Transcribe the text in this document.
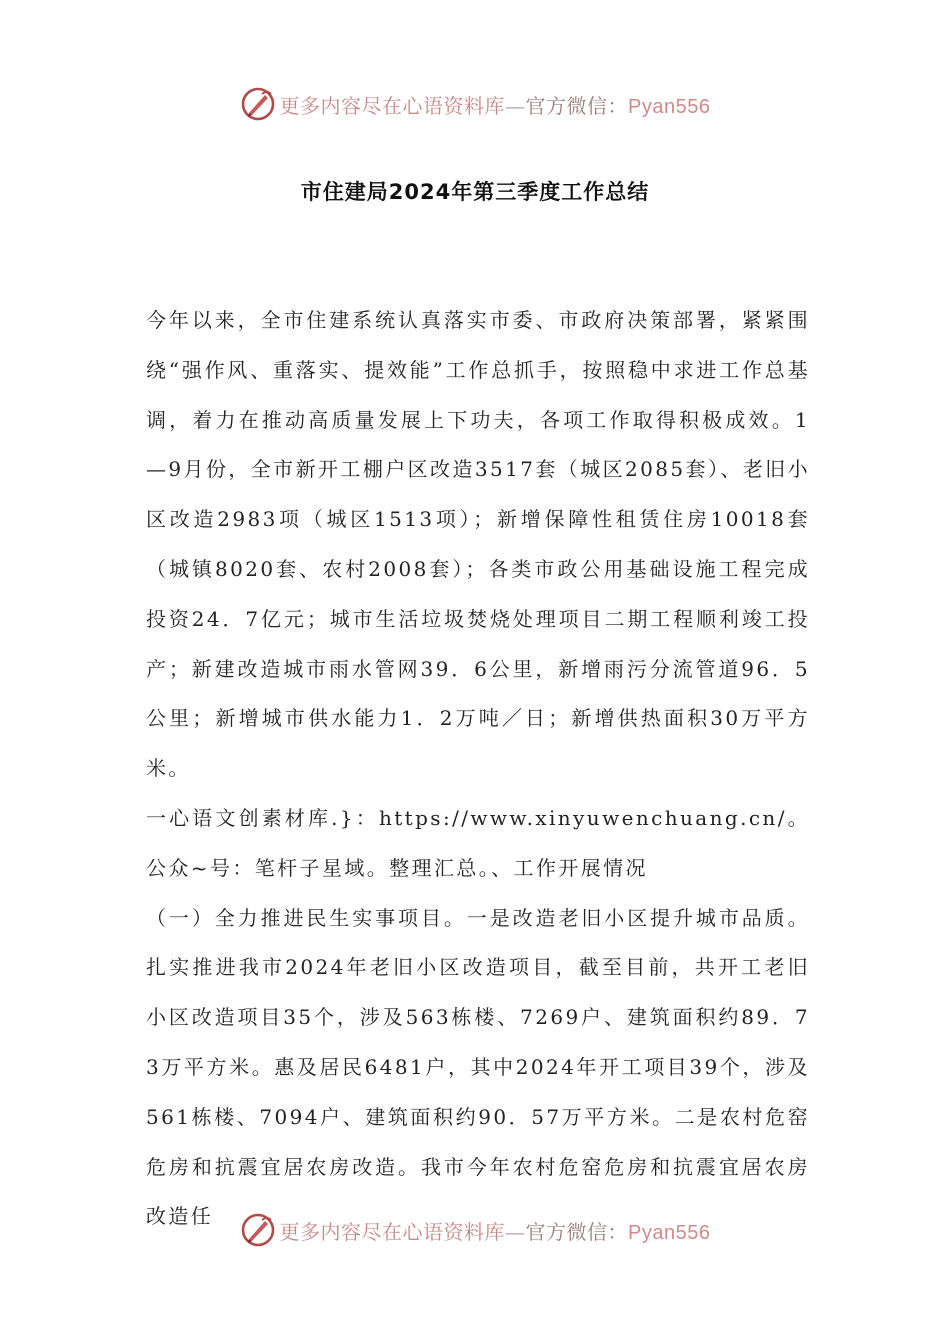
更多内容尽在心语资料库—官方微信：Pyan556
市住建局2024年第三季度工作总结

今年以来，全市住建系统认真落实市委、市政府决策部署，紧紧围绕“强作风、重落实、提效能”工作总抓手，按照稳中求进工作总基调，着力在推动高质量发展上下功夫，各项工作取得积极成效。1—9月份，全市新开工棚户区改造3517套（城区2085套）、老旧小区改造2983项（城区1513项）；新增保障性租赁住房10018套（城镇8020套、农村2008套）；各类市政公用基础设施工程完成投资24．7亿元；城市生活垃圾焚烧处理项目二期工程顺利竣工投产；新建改造城市雨水管网39．6公里，新增雨污分流管道96．5公里；新增城市供水能力1．2万吨／日；新增供热面积30万平方米。

一心语文创素材库.}：https://www.xinyuwenchuang.cn/。公众~号：笔杆子星域。整理汇总。、工作开展情况

（一）全力推进民生实事项目。一是改造老旧小区提升城市品质。扎实推进我市2024年老旧小区改造项目，截至目前，共开工老旧小区改造项目35个，涉及563栋楼、7269户、建筑面积约89．73万平方米。惠及居民6481户，其中2024年开工项目39个，涉及561栋楼、7094户、建筑面积约90．57万平方米。二是农村危窑危房和抗震宜居农房改造。我市今年农村危窑危房和抗震宜居农房改造任

更多内容尽在心语资料库—官方微信：Pyan556
